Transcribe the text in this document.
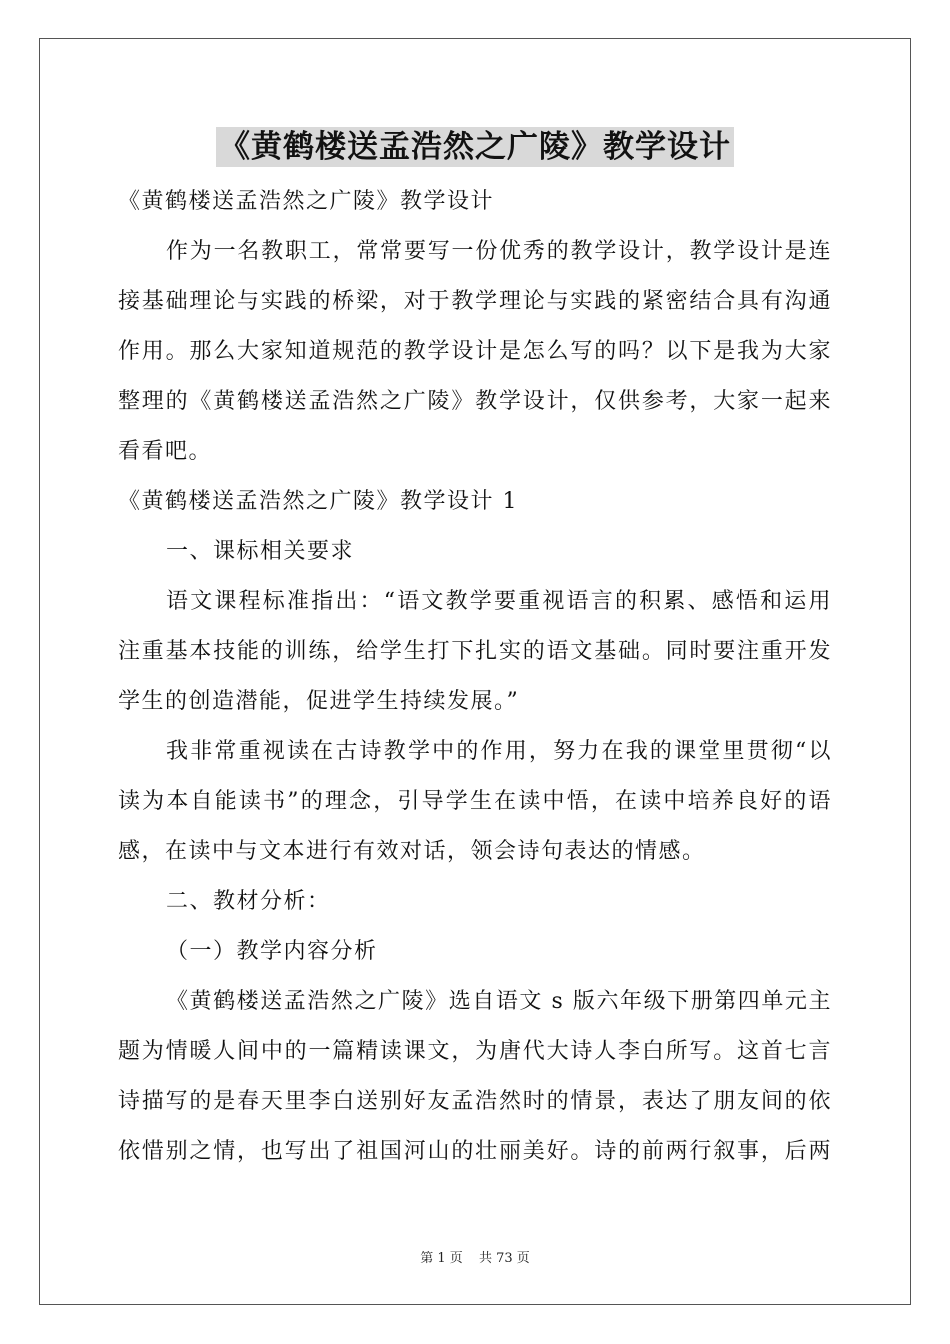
《黄鹤楼送孟浩然之广陵》教学设计
《黄鹤楼送孟浩然之广陵》教学设计
作为一名教职工，常常要写一份优秀的教学设计，教学设计是连
接基础理论与实践的桥梁，对于教学理论与实践的紧密结合具有沟通
作用。那么大家知道规范的教学设计是怎么写的吗？以下是我为大家
整理的《黄鹤楼送孟浩然之广陵》教学设计，仅供参考，大家一起来
看看吧。
《黄鹤楼送孟浩然之广陵》教学设计 1
一、课标相关要求
语文课程标准指出：“语文教学要重视语言的积累、感悟和运用
注重基本技能的训练，给学生打下扎实的语文基础。同时要注重开发
学生的创造潜能，促进学生持续发展。”
我非常重视读在古诗教学中的作用，努力在我的课堂里贯彻“以
读为本自能读书”的理念，引导学生在读中悟，在读中培养良好的语
感，在读中与文本进行有效对话，领会诗句表达的情感。
二、教材分析：
（一）教学内容分析
《黄鹤楼送孟浩然之广陵》选自语文 s 版六年级下册第四单元主
题为情暖人间中的一篇精读课文，为唐代大诗人李白所写。这首七言
诗描写的是春天里李白送别好友孟浩然时的情景，表达了朋友间的依
依惜别之情，也写出了祖国河山的壮丽美好。诗的前两行叙事，后两
第 1 页 共 73 页
